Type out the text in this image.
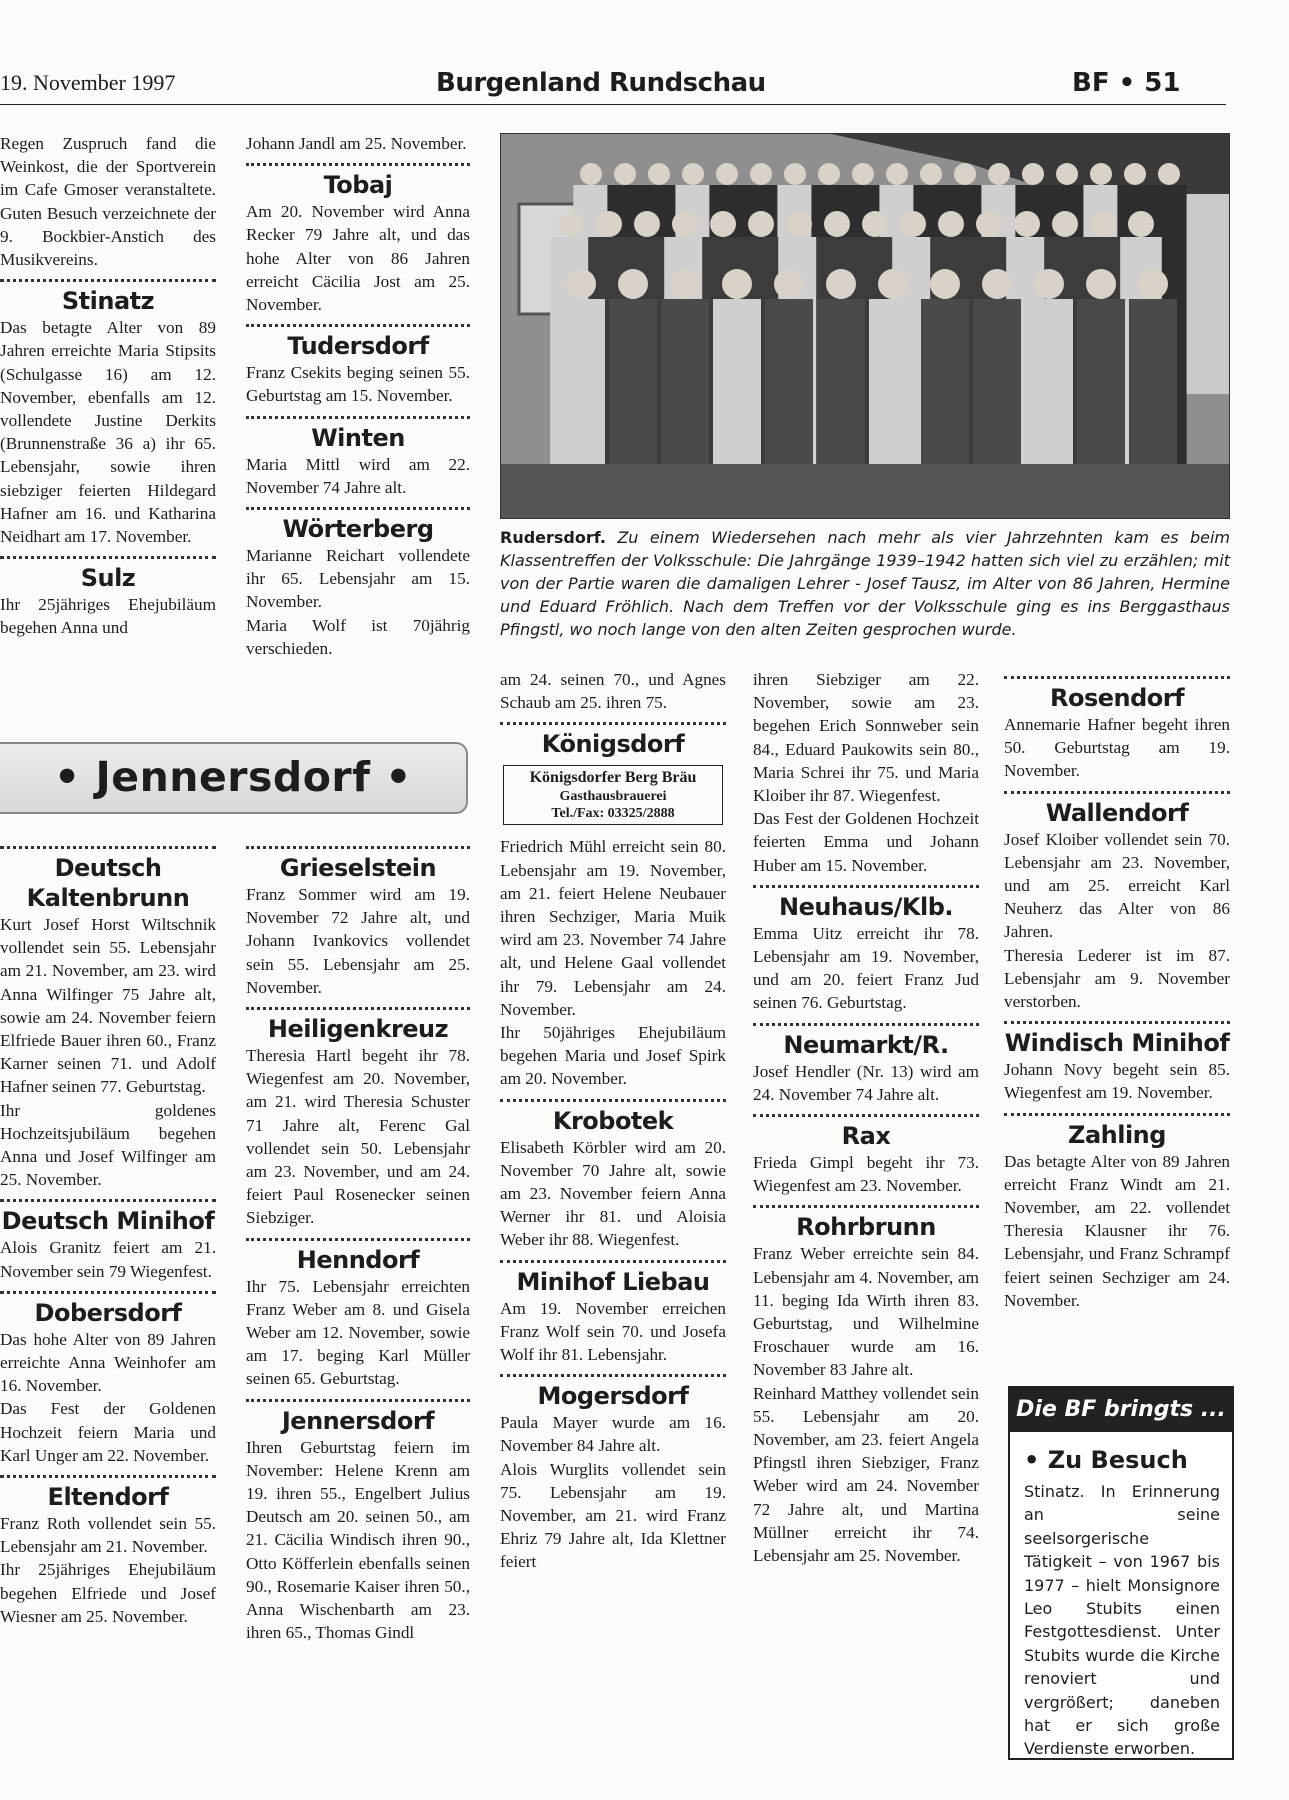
19. November 1997	Burgenland Rundschau	BF • 51

Regen Zuspruch fand die Weinkost, die der Sportverein im Cafe Gmoser veranstaltete. Guten Besuch verzeichnete der 9. Bockbier-Anstich des Musikvereins.

Stinatz

Das betagte Alter von 89 Jahren erreichte Maria Stipsits (Schulgasse 16) am 12. November, ebenfalls am 12. vollendete Justine Derkits (Brunnenstraße 36 a) ihr 65. Lebensjahr, sowie ihren siebziger feierten Hildegard Hafner am 16. und Katharina Neidhart am 17. November.

Sulz

Ihr 25jähriges Ehejubiläum begehen Anna und

Johann Jandl am 25. November.

Tobaj

Am 20. November wird Anna Recker 79 Jahre alt, und das hohe Alter von 86 Jahren erreicht Cäcilia Jost am 25. November.

Tudersdorf

Franz Csekits beging seinen 55. Geburtstag am 15. November.

Winten

Maria Mittl wird am 22. November 74 Jahre alt.

Wörterberg

Marianne Reichart vollendete ihr 65. Lebensjahr am 15. November.

Maria Wolf ist 70jährig verschieden.

Rudersdorf. Zu einem Wiedersehen nach mehr als vier Jahrzehnten kam es beim Klassentreffen der Volksschule: Die Jahrgänge 1939–1942 hatten sich viel zu erzählen; mit von der Partie waren die damaligen Lehrer - Josef Tausz, im Alter von 86 Jahren, Hermine und Eduard Fröhlich. Nach dem Treffen vor der Volksschule ging es ins Berggasthaus Pfingstl, wo noch lange von den alten Zeiten gesprochen wurde.
• Jennersdorf •
Deutsch Kaltenbrunn

Kurt Josef Horst Wiltschnik vollendet sein 55. Lebensjahr am 21. November, am 23. wird Anna Wilfinger 75 Jahre alt, sowie am 24. November feiern Elfriede Bauer ihren 60., Franz Karner seinen 71. und Adolf Hafner seinen 77. Geburtstag.

Ihr goldenes Hochzeitsjubiläum begehen Anna und Josef Wilfinger am 25. November.

Deutsch Minihof

Alois Granitz feiert am 21. November sein 79 Wiegenfest.

Dobersdorf

Das hohe Alter von 89 Jahren erreichte Anna Weinhofer am 16. November.

Das Fest der Goldenen Hochzeit feiern Maria und Karl Unger am 22. November.

Eltendorf

Franz Roth vollendet sein 55. Lebensjahr am 21. November.

Ihr 25jähriges Ehejubiläum begehen Elfriede und Josef Wiesner am 25. November.

Grieselstein

Franz Sommer wird am 19. November 72 Jahre alt, und Johann Ivankovics vollendet sein 55. Lebensjahr am 25. November.

Heiligenkreuz

Theresia Hartl begeht ihr 78. Wiegenfest am 20. November, am 21. wird Theresia Schuster 71 Jahre alt, Ferenc Gal vollendet sein 50. Lebensjahr am 23. November, und am 24. feiert Paul Rosenecker seinen Siebziger.

Henndorf

Ihr 75. Lebensjahr erreichten Franz Weber am 8. und Gisela Weber am 12. November, sowie am 17. beging Karl Müller seinen 65. Geburtstag.

Jennersdorf

Ihren Geburtstag feiern im November: Helene Krenn am 19. ihren 55., Engelbert Julius Deutsch am 20. seinen 50., am 21. Cäcilia Windisch ihren 90., Otto Köfferlein ebenfalls seinen 90., Rosemarie Kaiser ihren 50., Anna Wischenbarth am 23. ihren 65., Thomas Gindl

am 24. seinen 70., und Agnes Schaub am 25. ihren 75.

Königsdorf
Königsdorfer Berg Bräu
Gasthausbrauerei
Tel./Fax: 03325/2888

Friedrich Mühl erreicht sein 80. Lebensjahr am 19. November, am 21. feiert Helene Neubauer ihren Sechziger, Maria Muik wird am 23. November 74 Jahre alt, und Helene Gaal vollendet ihr 79. Lebensjahr am 24. November.

Ihr 50jähriges Ehejubiläum begehen Maria und Josef Spirk am 20. November.

Krobotek

Elisabeth Körbler wird am 20. November 70 Jahre alt, sowie am 23. November feiern Anna Werner ihr 81. und Aloisia Weber ihr 88. Wiegenfest.

Minihof Liebau

Am 19. November erreichen Franz Wolf sein 70. und Josefa Wolf ihr 81. Lebensjahr.

Mogersdorf

Paula Mayer wurde am 16. November 84 Jahre alt.

Alois Wurglits vollendet sein 75. Lebensjahr am 19. November, am 21. wird Franz Ehriz 79 Jahre alt, Ida Klettner feiert

ihren Siebziger am 22. November, sowie am 23. begehen Erich Sonnweber sein 84., Eduard Paukowits sein 80., Maria Schrei ihr 75. und Maria Kloiber ihr 87. Wiegenfest.

Das Fest der Goldenen Hochzeit feierten Emma und Johann Huber am 15. November.

Neuhaus/Klb.

Emma Uitz erreicht ihr 78. Lebensjahr am 19. November, und am 20. feiert Franz Jud seinen 76. Geburtstag.

Neumarkt/R.

Josef Hendler (Nr. 13) wird am 24. November 74 Jahre alt.

Rax

Frieda Gimpl begeht ihr 73. Wiegenfest am 23. November.

Rohrbrunn

Franz Weber erreichte sein 84. Lebensjahr am 4. November, am 11. beging Ida Wirth ihren 83. Geburtstag, und Wilhelmine Froschauer wurde am 16. November 83 Jahre alt.

Reinhard Matthey vollendet sein 55. Lebensjahr am 20. November, am 23. feiert Angela Pfingstl ihren Siebziger, Franz Weber wird am 24. November 72 Jahre alt, und Martina Müllner erreicht ihr 74. Lebensjahr am 25. November.

Rosendorf

Annemarie Hafner begeht ihren 50. Geburtstag am 19. November.

Wallendorf

Josef Kloiber vollendet sein 70. Lebensjahr am 23. November, und am 25. erreicht Karl Neuherz das Alter von 86 Jahren.

Theresia Lederer ist im 87. Lebensjahr am 9. November verstorben.

Windisch Minihof

Johann Novy begeht sein 85. Wiegenfest am 19. November.

Zahling

Das betagte Alter von 89 Jahren erreicht Franz Windt am 21. November, am 22. vollendet Theresia Klausner ihr 76. Lebensjahr, und Franz Schrampf feiert seinen Sechziger am 24. November.

Die BF bringts ...
• Zu Besuch

Stinatz. In Erinnerung an seine seelsorgerische Tätigkeit – von 1967 bis 1977 – hielt Monsignore Leo Stubits einen Festgottesdienst. Unter Stubits wurde die Kirche renoviert und vergrößert; daneben hat er sich große Verdienste erworben.
